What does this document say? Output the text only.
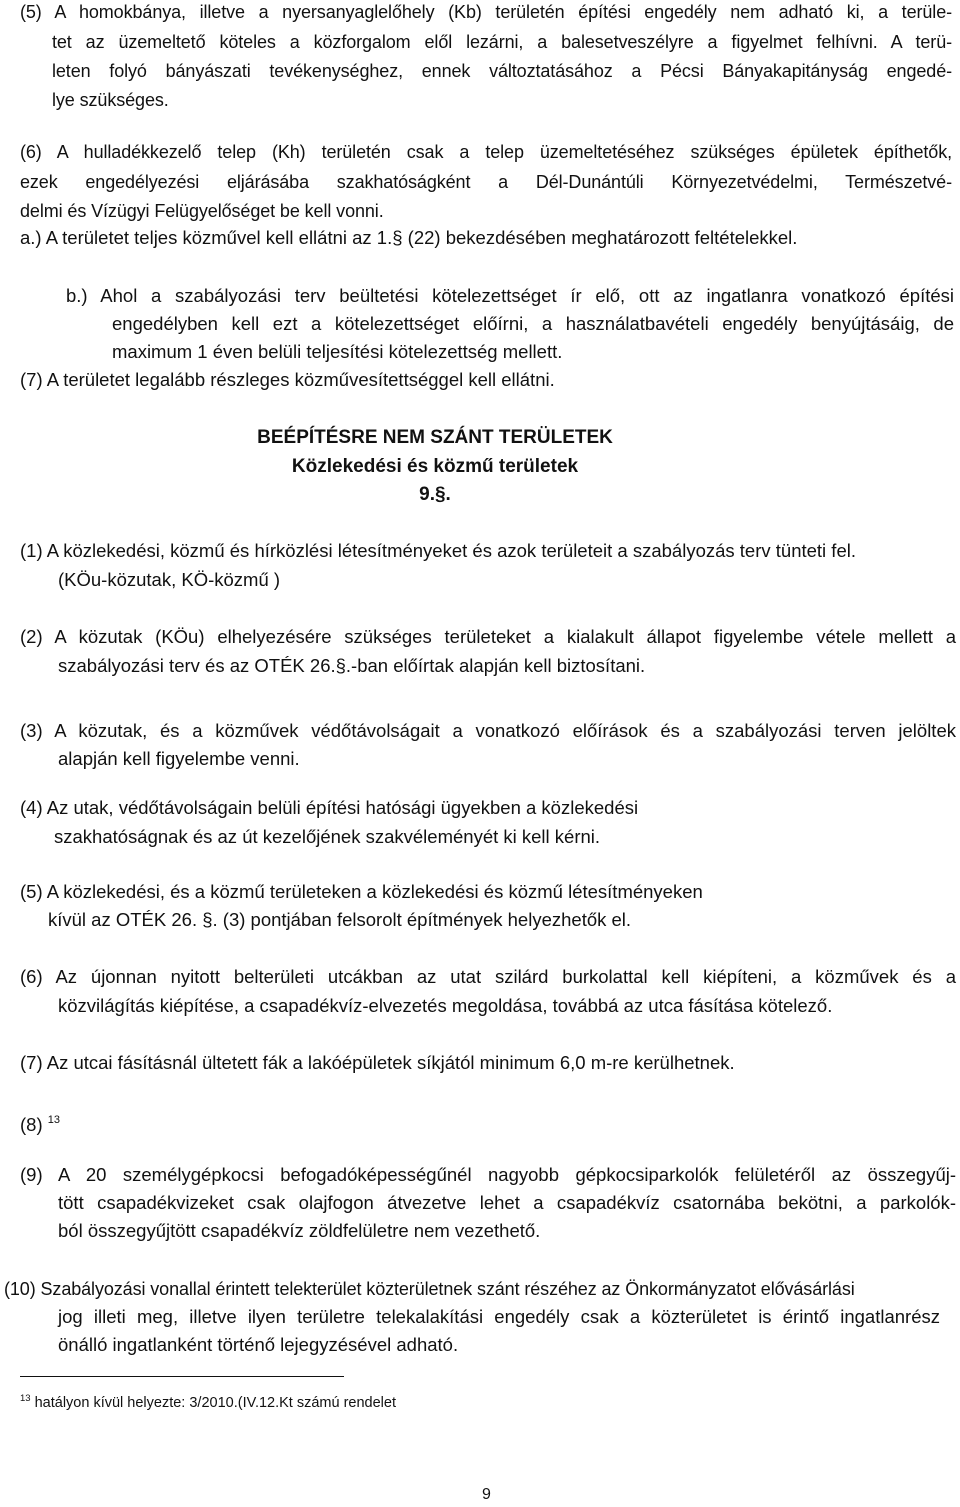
(5) A homokbánya, illetve a nyersanyaglelőhely (Kb) területén építési engedély nem adható ki, a terüle-
tet az üzemeltető köteles a közforgalom elől lezárni, a balesetveszélyre a figyelmet felhívni. A terü-
leten folyó bányászati tevékenységhez, ennek változtatásához a Pécsi Bányakapitányság engedé-
lye szükséges.
(6) A hulladékkezelő telep (Kh) területén csak a telep üzemeltetéséhez szükséges épületek építhetők,
ezek engedélyezési eljárásába szakhatóságként a Dél-Dunántúli Környezetvédelmi, Természetvé-
delmi és Vízügyi Felügyelőséget be kell vonni.
a.) A területet teljes közművel kell ellátni az 1.§ (22) bekezdésében meghatározott feltételekkel.
b.) Ahol a szabályozási terv beültetési kötelezettséget ír elő, ott az ingatlanra vonatkozó építési
engedélyben kell ezt a kötelezettséget előírni, a használatbavételi engedély benyújtásáig, de
maximum 1 éven belüli teljesítési kötelezettség mellett.
(7) A területet legalább részleges közművesítettséggel kell ellátni.
BEÉPÍTÉSRE NEM SZÁNT TERÜLETEK
Közlekedési és közmű területek
9.§.
(1) A közlekedési, közmű és hírközlési létesítményeket és azok területeit a szabályozás terv tünteti fel.
(KÖu-közutak, KÖ-közmű )
(2) A közutak (KÖu) elhelyezésére szükséges területeket a kialakult állapot figyelembe vétele mellett a
szabályozási terv és az OTÉK 26.§.-ban előírtak alapján kell biztosítani.
(3) A közutak, és a közművek védőtávolságait a vonatkozó előírások és a szabályozási terven jelöltek
alapján kell figyelembe venni.
(4) Az utak, védőtávolságain belüli építési hatósági ügyekben a közlekedési
szakhatóságnak és az út kezelőjének szakvéleményét ki kell kérni.
(5) A közlekedési, és a közmű területeken a közlekedési és közmű létesítményeken
kívül az OTÉK 26. §. (3) pontjában felsorolt építmények helyezhetők el.
(6) Az újonnan nyitott belterületi utcákban az utat szilárd burkolattal kell kiépíteni, a közművek és a
közvilágítás kiépítése, a csapadékvíz-elvezetés megoldása, továbbá az utca fásítása kötelező.
(7) Az utcai fásításnál ültetett fák a lakóépületek síkjától minimum 6,0 m-re kerülhetnek.
(8) $^{13}$
(9) A 20 személygépkocsi befogadóképességűnél nagyobb gépkocsiparkolók felületéről az összegyűj-
tött csapadékvizeket csak olajfogon átvezetve lehet a csapadékvíz csatornába bekötni, a parkolók-
ból összegyűjtött csapadékvíz zöldfelületre nem vezethető.
(10) Szabályozási vonallal érintett telekterület közterületnek szánt részéhez az Önkormányzatot elővásárlási
jog illeti meg, illetve ilyen területre telekalakítási engedély csak a közterületet is érintő ingatlanrész
önálló ingatlanként történő lejegyzésével adható.
$^{13}$ hatályon kívül helyezte: 3/2010.(IV.12.Kt számú rendelet
9
